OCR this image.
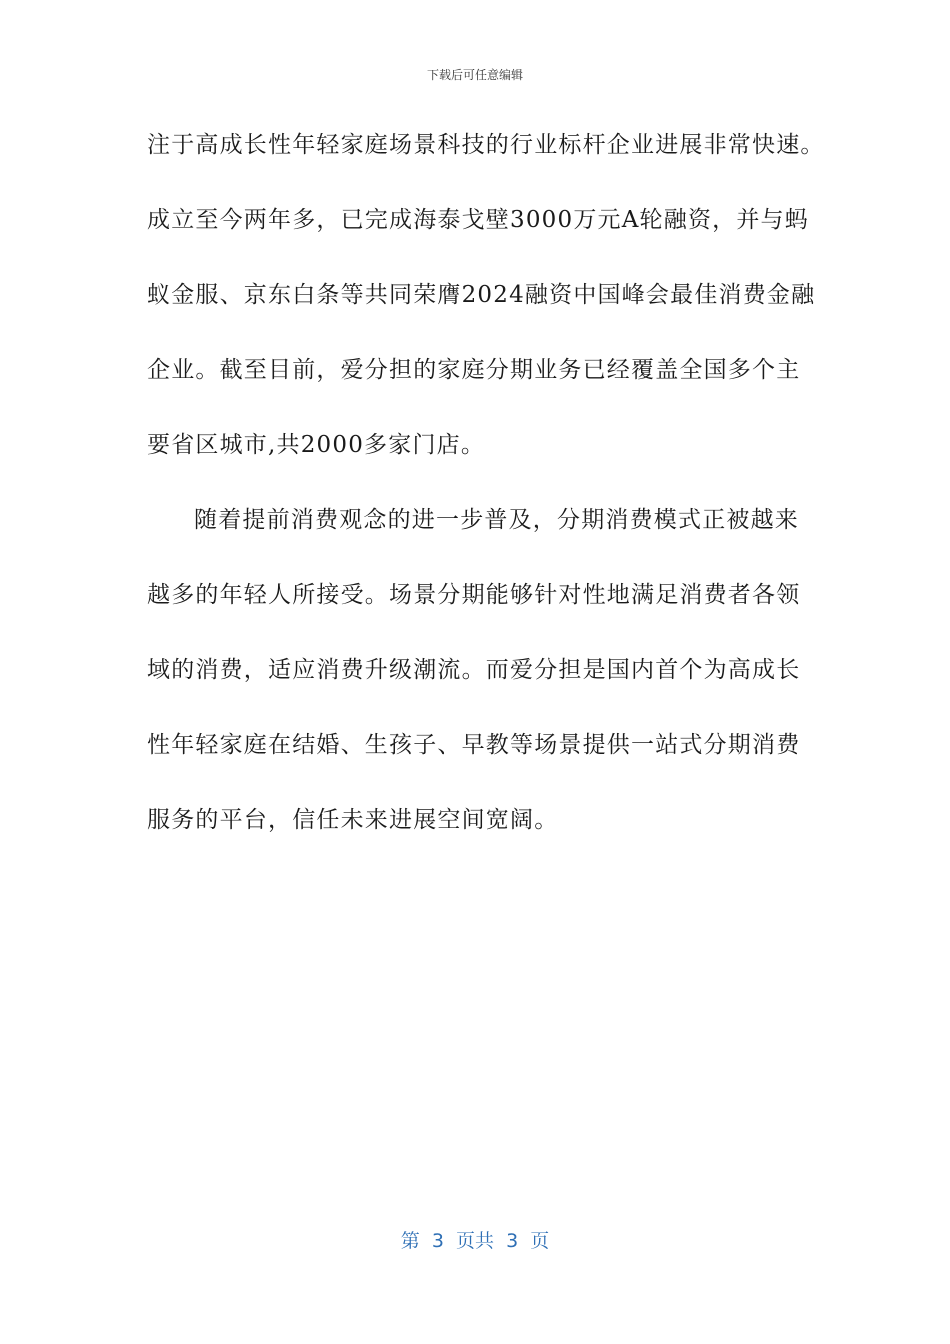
下载后可任意编辑
注于高成长性年轻家庭场景科技的行业标杆企业进展非常快速。
成立至今两年多，已完成海泰戈壁3000万元A轮融资，并与蚂
蚁金服、京东白条等共同荣膺2024融资中国峰会最佳消费金融
企业。截至目前，爱分担的家庭分期业务已经覆盖全国多个主
要省区城市,共2000多家门店。
随着提前消费观念的进一步普及，分期消费模式正被越来
越多的年轻人所接受。场景分期能够针对性地满足消费者各领
域的消费，适应消费升级潮流。而爱分担是国内首个为高成长
性年轻家庭在结婚、生孩子、早教等场景提供一站式分期消费
服务的平台，信任未来进展空间宽阔。
第  3  页共  3  页
